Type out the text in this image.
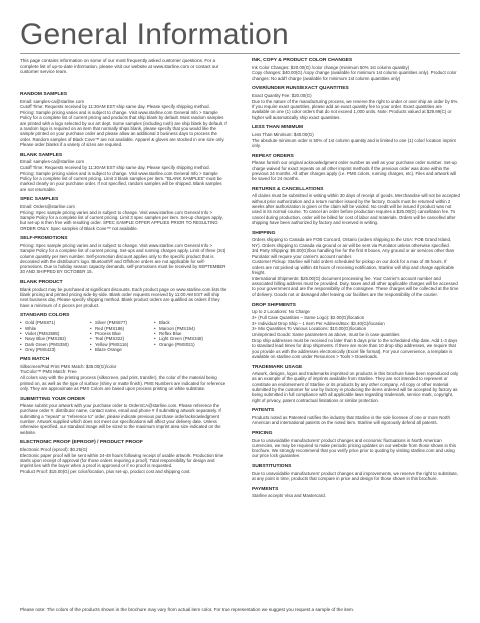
General Information

This page contains information on some of our most frequently asked customer questions. For a complete list of up-to-date information, please visit our website at www.starline.com or contact our customer service team.

RANDOM SAMPLES

Email: samples-ca@starline.com

Cutoff Time: Requests received by 11:30AM EST ship same day. Please specify shipping method.

Pricing: Sample pricing varies and is subject to change. Visit www.starline.com General Info > Sample Policy for a complete list of current pricing and products that ship blank by default. Most random samples are printed with a logo selected by our art dept. Some samples (including rush) are ship blank by default. If a random logo is required on an item that normally ships blank, please specify that you would like the sample printed on your purchase order and please allow an additional 3 business days to process the order. Random samples of Black Cove™ are not available. Apparel & gloves are stocked in one size only. Please order blanks if a variety of sizes are required.

BLANK SAMPLES

Email: samples-ca@starline.com

Cutoff Time: Requests received by 11:30AM EST ship same day. Please specify shipping method.

Pricing: Sample pricing varies and is subject to change. Visit www.starline.com General Info > Sample Policy for a complete list of current pricing. Limit 3 blank samples per item. "BLANK SAMPLES" must be marked clearly on your purchase order. If not specified, random samples will be shipped. Blank samples are not returnable.

SPEC SAMPLES

Email: Orders@starline.com

Pricing: Spec sample pricing varies and is subject to change. Visit www.starline.com General Info > Sample Policy for a complete list of current pricing. Limit 3 spec samples per item. Set-up charges apply, but set-up is then free with resulting order. SPEC SAMPLE OFFER APPLIES PRIOR TO RESULTING ORDER ONLY. Spec samples of Black Cove™ not available.

SELF-PROMOTIONS

Pricing: Spec sample pricing varies and is subject to change. Visit www.starline.com General Info > Sample Policy for a complete list of current pricing. Set-ups and running charges apply. Limit of three (3ct) column quantity per item number. Self-promotion discount applies only to the specific product that is decorated with the distributor's logo. Bluetooth® and Offshore orders are not applicable for self-promotions. Due to holiday season capacity demands, self-promotions must be received by SEPTEMBER 30 AND SHIPPED BY OCTOBER 15.

BLANK PRODUCT

Blank product may be purchased at significant discounts. Each product page on www.starline.com lists the blank pricing and printed pricing side-by-side. Blank order requests received by 11:00 AM EST will ship next business day. Please specify shipping method. Blank product orders are qualified as orders if they have a minimum of 4 pieces per product.

STANDARD COLORS
• Gold (PMS871)
• White
• Violet (PMS2685)
• Navy Blue (PMS282)
• Dark Green (PMS350)
• Grey (PMS423)
• Silver (PMS877)
• Red (PMS186)
• Process Blue
• Teal (PMS322)
• Yellow (PMS116)
• Blaze Orange
• Black
• Maroon (PMS194)
• Reflex Blue
• Light Green (PMS348)
• Orange (PMS021)
PMS MATCH

Silkscreen/Pad Print PMS Match: $35.00(G)/color

TruColor™ PMS Match: Free

All colors vary with the printing process (silkscreen, pad print, transfer), the color of the material being printed on, as well as the type of surface (shiny or matte finish). PMS Numbers are indicated for reference only. They are approximate as PMS Colors are based upon process printing on white substrate.

SUBMITTING YOUR ORDER

Please submit your artwork with your purchase order to OrdersCA@starline.com. Please reference the purchase order #, distributor name, contact name, email and phone # if submitting artwork separately. If submitting a "repeat" or "reference to" order, please indicate previous purchase order/acknowledgment number. Artwork supplied which does not meet our specifications will affect your delivery date. Unless otherwise specified, our standard image will be sized to the maximum imprint area size indicated on the website.

ELECTRONIC PROOF (EPROOF) / PRODUCT PROOF

Electronic Proof (eproof): $0.25(G)

Electronic paper proof will be sent within 24-48 hours following receipt of usable artwork. Production time starts upon receipt of approval (for those orders requiring a proof). Total responsibility for design and imprint lies with the buyer when a proof is approved or if no proof is requested.

Product Proof: $15.00(G) per color/location, plus set-up, product cost and shipping cost.

INK, COPY & PRODUCT COLOR CHANGES

Ink Color Changes: $20.00(G) /color change (minimum 50% 1st column quantity)

Copy changes: $40.00(G) /copy change (available for minimum 1st column quantities only). Product color changes: No add'l charge (available for minimum 1st column quantities only)

OVER/UNDER RUNS/EXACT QUANTITIES

Exact Quantity Fee: $20.00(G)

Due to the nature of the manufacturing process, we reserve the right to under or over ship an order by 5%. If you require exact quantities, please add an exact quantity fee to your order. Exact quantities are available on one (1) color orders that do not exceed 1,000 units. Note: Products valued at $29.99(C) or higher will automatically ship exact quantities.

LESS THAN MINIMUM

Less Than Minimum: $40.00(G)

The absolute minimum order is 50% of 1st column quantity and is limited to one (1) color/ location imprint only.

REPEAT ORDERS

Please furnish our original acknowledgment order number as well as your purchase order number. Set-up charge waived for exact repeats on all other imprint methods if the previous order was done within the previous 24 months. All other charges apply (i.e. PMS colors, running charges, etc). Files and artwork will be saved for 24 months.

RETURNS & CANCELLATIONS

All claims must be submitted in writing within 30 days of receipt of goods. Merchandise will not be accepted without prior authorization and a return number issued by the factory. Goods must be returned within 2 weeks after authorization is given or the claim will be voided. No credit will be issued if product was not used in its normal course. To cancel an order before production requires a $25.00(G) cancellation fee. To cancel during production, order will be billed for cost of labor and materials. Orders will be cancelled after shipping have been authorized by factory and received in writing.

SHIPPING

Orders shipping to Canada are FOB Concord, Ontario (orders shipping to the USA: FOB Grand Island, NY). Orders shipping to Canada via ground or air will be sent via Purolator unless otherwise specified.

3rd Party Shipping: $5.00(G)/box handling fee for the first 8 boxes. Any ground or air services other than Purolator will require your carrier's account number.

Customer Pickup: Starline will hold orders scheduled for pickup on our dock for a max of 48 hours. If orders are not picked up within 48 hours of receiving notification, Starline will ship and charge applicable freight.

International Shipments: $25.00(G) document processing fee. Your Carrier's account number and associated billing address must be provided. Duty, taxes and all other applicable charges will be accessed to your government and are the responsibility of the consignee. These charges will be collected at the time of delivery. Goods not or damaged after leaving our facilities are the responsibility of the courier.

DROP SHIPMENTS

Up to 2 Locations: No Charge

3+ (Full Case Quantities – Same Logo): $2.00(G)/location

3+ Individual Drop Ship – 1 Item Per Address/Box: $3.40(G)/location

3+ Mix Quantities To Various Locations: $10.00(G)/location

Unimprinted Goods: Same parameters as above, must be in case quantities

Drop ship addresses must be received no later than 5 days prior to the scheduled ship date. Add 1-3 days to standard lead times for drop shipments. If there are more than 10 drop ship addresses, we require that you provide us with the addresses electronically (Excel file format). For your convenience, a template is available on starline.com under Resources > Tools > Downloads.

TRADEMARK USAGE

Artwork, designs, logos and trademarks imprinted on products in this brochure have been reproduced only as an example of the quality of imprints available from Starline. They are not intended to represent or constitute an endorsement of Starline or its products by any other company. All copy or other material submitted by the customer for use by factory in producing the items ordered will be accepted by factory as being submitted in full compliance with all applicable laws regarding trademark, service mark, copyright, right of privacy, patent contractual limitations or similar protection.

PATENTS

Products noted as Patented notifies the industry that Starline is the sole licensee of one or more North American and international patents on the noted item. Starline will vigorously defend all patents.

PRICING

Due to unavoidable manufacturers' product changes and economic fluctuations in North American currencies, we may be required to make periodic pricing updates on our website from those shown in this brochure. We strongly recommend that you verify price prior to quoting by visiting starline.com and using our price lock guarantee.

SUBSTITUTIONS

Due to unavoidable manufacturers' product changes and improvements, we reserve the right to substitute, at any point in time, products that compare in price and design for those shown in this brochure.

PAYMENTS

Starline accepts Visa and Mastercard.

Please note: The colors of the products shown in the brochure may vary from actual item color. For true representation we suggest you request a sample of the item.
